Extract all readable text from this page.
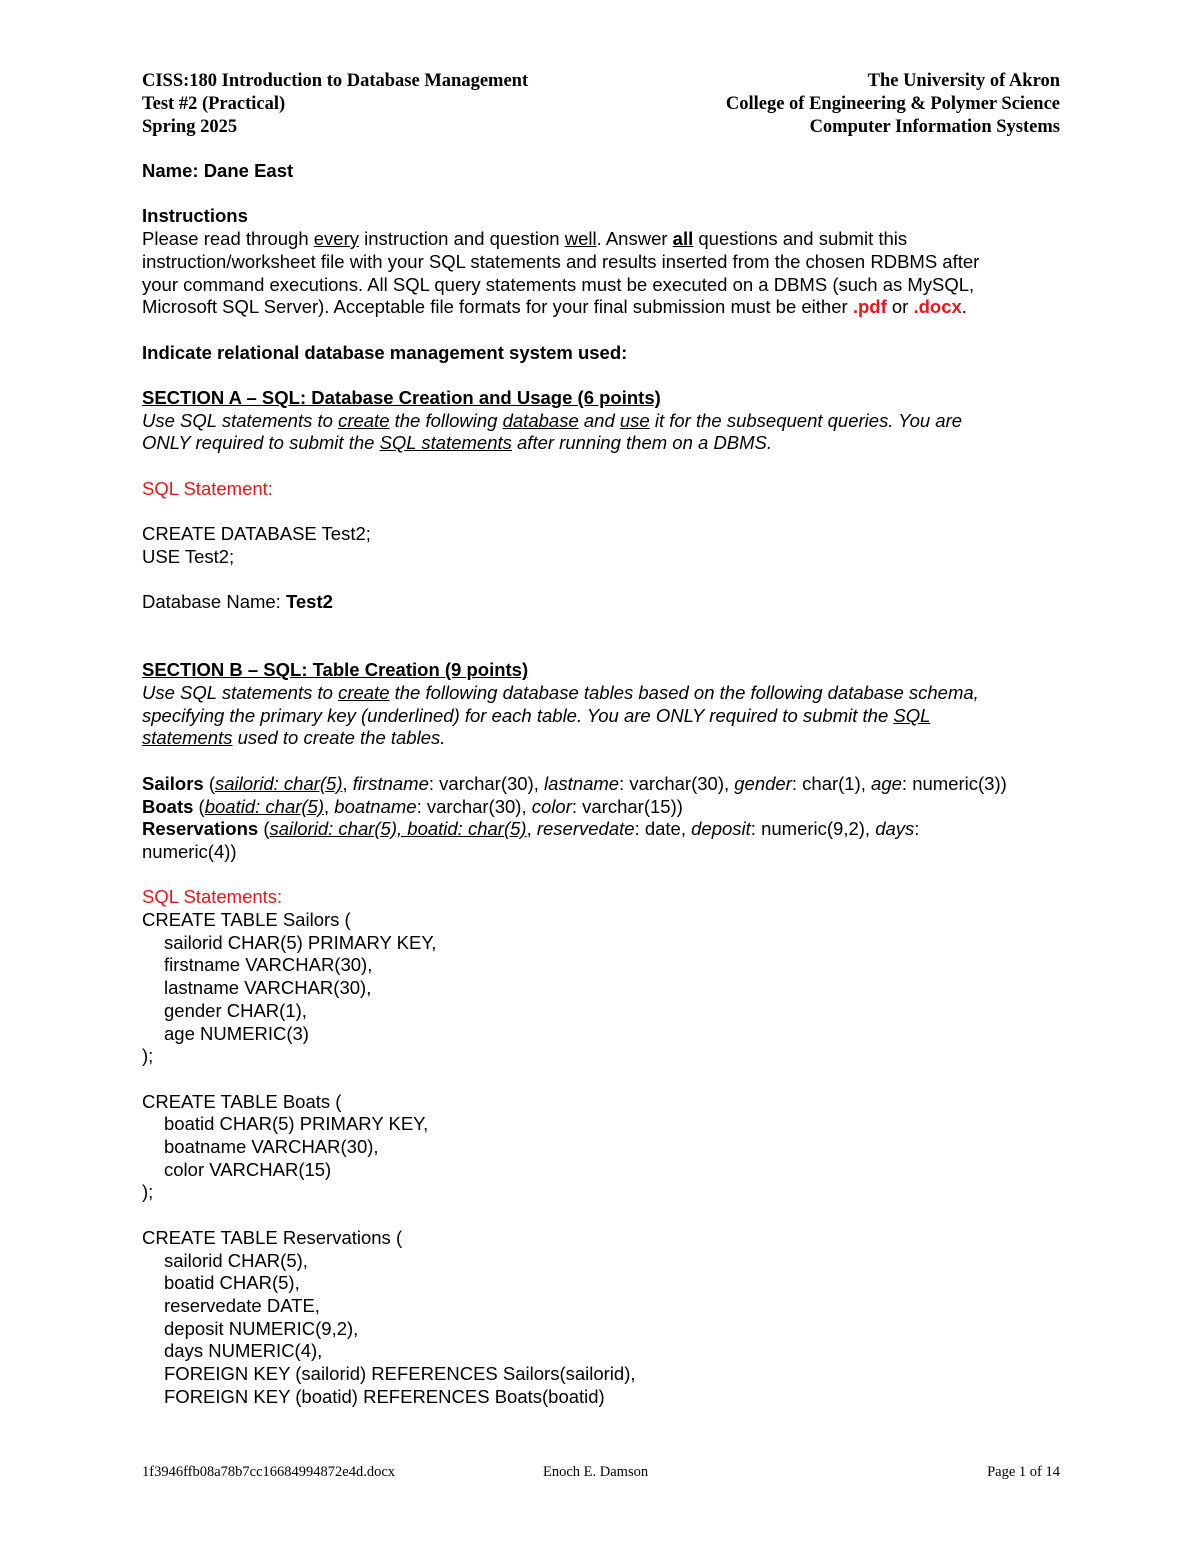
CISS:180 Introduction to Database Management	The University of Akron
Test #2 (Practical)	College of Engineering & Polymer Science
Spring 2025	Computer Information Systems
Name: Dane East
Instructions
Please read through every instruction and question well. Answer all questions and submit this
instruction/worksheet file with your SQL statements and results inserted from the chosen RDBMS after
your command executions. All SQL query statements must be executed on a DBMS (such as MySQL,
Microsoft SQL Server). Acceptable file formats for your final submission must be either .pdf or .docx.
Indicate relational database management system used:
SECTION A – SQL: Database Creation and Usage (6 points)
Use SQL statements to create the following database and use it for the subsequent queries. You are
ONLY required to submit the SQL statements after running them on a DBMS.
SQL Statement:
CREATE DATABASE Test2;
USE Test2;
Database Name: Test2
SECTION B – SQL: Table Creation (9 points)
Use SQL statements to create the following database tables based on the following database schema,
specifying the primary key (underlined) for each table. You are ONLY required to submit the SQL
statements used to create the tables.
Sailors (sailorid: char(5), firstname: varchar(30), lastname: varchar(30), gender: char(1), age: numeric(3))
Boats (boatid: char(5), boatname: varchar(30), color: varchar(15))
Reservations (sailorid: char(5), boatid: char(5), reservedate: date, deposit: numeric(9,2), days:
numeric(4))
SQL Statements:
CREATE TABLE Sailors (
sailorid CHAR(5) PRIMARY KEY,
firstname VARCHAR(30),
lastname VARCHAR(30),
gender CHAR(1),
age NUMERIC(3)
);
CREATE TABLE Boats (
boatid CHAR(5) PRIMARY KEY,
boatname VARCHAR(30),
color VARCHAR(15)
);
CREATE TABLE Reservations (
sailorid CHAR(5),
boatid CHAR(5),
reservedate DATE,
deposit NUMERIC(9,2),
days NUMERIC(4),
FOREIGN KEY (sailorid) REFERENCES Sailors(sailorid),
FOREIGN KEY (boatid) REFERENCES Boats(boatid)
1f3946ffb08a78b7cc16684994872e4d.docx	Enoch E. Damson	Page 1 of 14
